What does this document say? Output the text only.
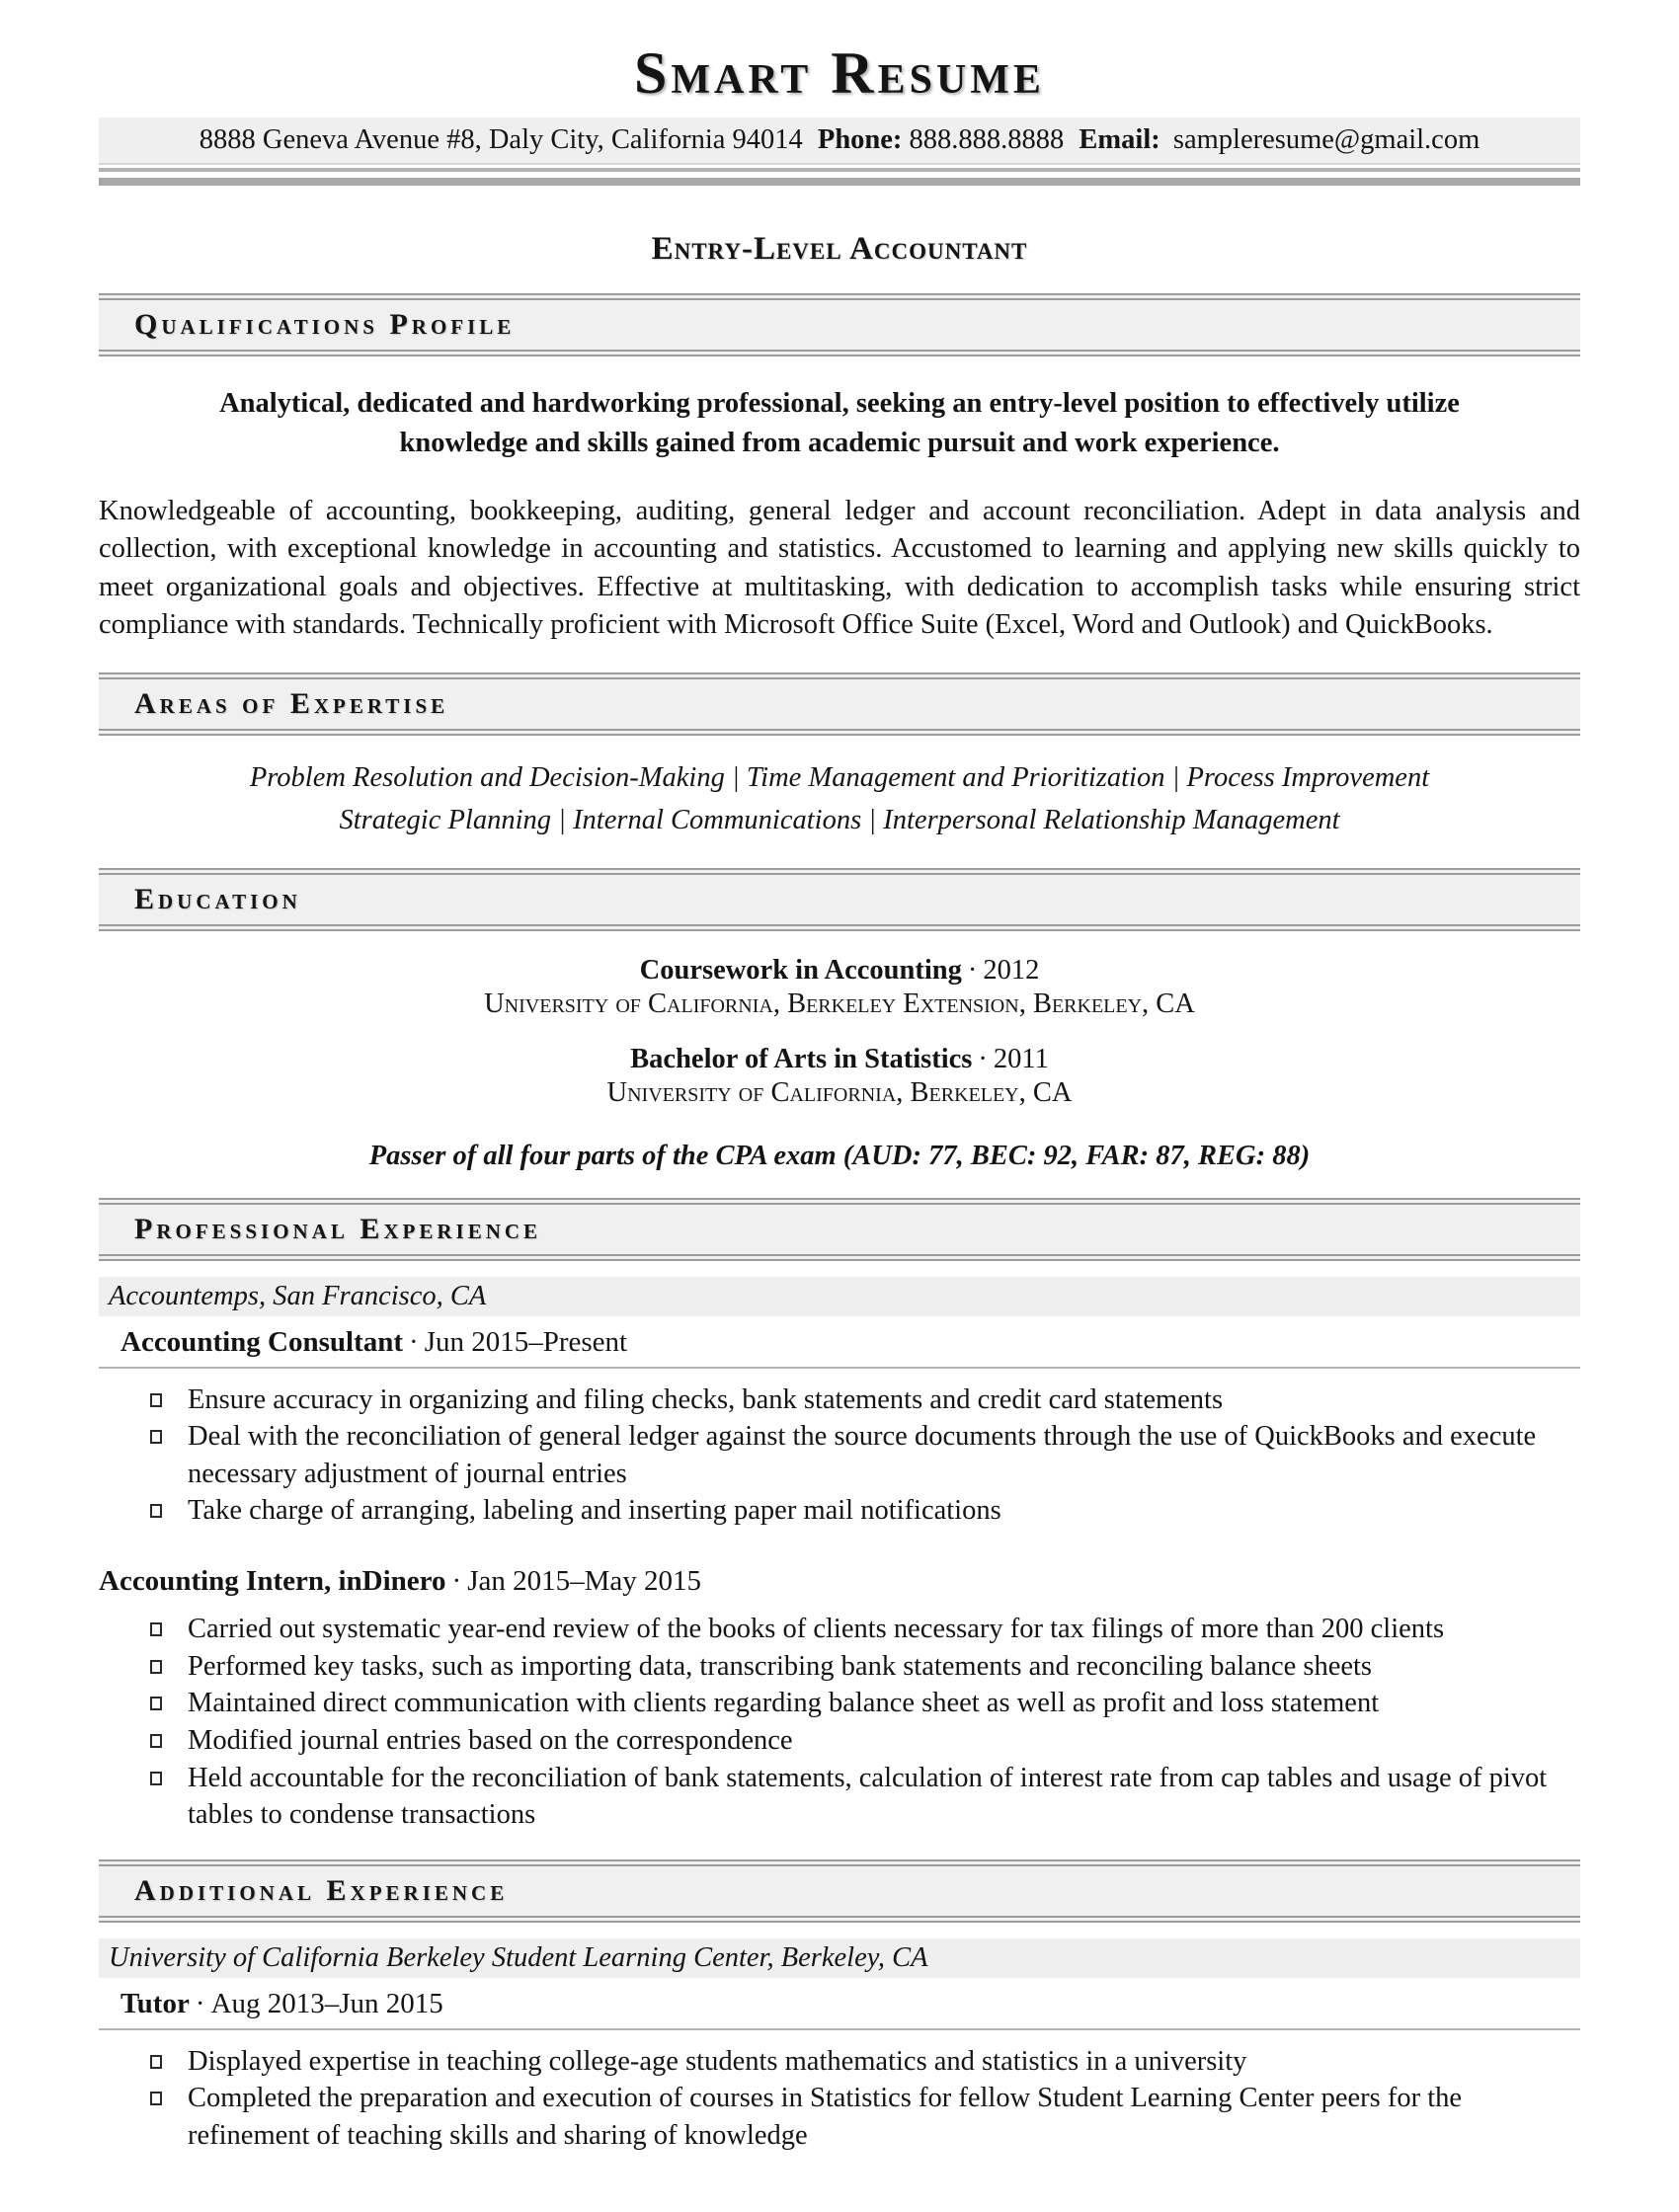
Smart Resume
8888 Geneva Avenue #8, Daly City, California 94014 Phone: 888.888.8888 Email: sampleresume@gmail.com
Entry-Level Accountant
Qualifications Profile

Analytical, dedicated and hardworking professional, seeking an entry-level position to effectively utilize knowledge and skills gained from academic pursuit and work experience.

Knowledgeable of accounting, bookkeeping, auditing, general ledger and account reconciliation. Adept in data analysis and collection, with exceptional knowledge in accounting and statistics. Accustomed to learning and applying new skills quickly to meet organizational goals and objectives. Effective at multitasking, with dedication to accomplish tasks while ensuring strict compliance with standards. Technically proficient with Microsoft Office Suite (Excel, Word and Outlook) and QuickBooks.

Areas of Expertise
Problem Resolution and Decision-Making | Time Management and Prioritization | Process Improvement
Strategic Planning | Internal Communications | Interpersonal Relationship Management
Education
Coursework in Accounting · 2012
University of California, Berkeley Extension, Berkeley, CA
Bachelor of Arts in Statistics · 2011
University of California, Berkeley, CA
Passer of all four parts of the CPA exam (AUD: 77, BEC: 92, FAR: 87, REG: 88)
Professional Experience
Accountemps, San Francisco, CA
Accounting Consultant · Jun 2015–Present
Ensure accuracy in organizing and filing checks, bank statements and credit card statements
Deal with the reconciliation of general ledger against the source documents through the use of QuickBooks and execute necessary adjustment of journal entries
Take charge of arranging, labeling and inserting paper mail notifications
Accounting Intern, inDinero · Jan 2015–May 2015
Carried out systematic year-end review of the books of clients necessary for tax filings of more than 200 clients
Performed key tasks, such as importing data, transcribing bank statements and reconciling balance sheets
Maintained direct communication with clients regarding balance sheet as well as profit and loss statement
Modified journal entries based on the correspondence
Held accountable for the reconciliation of bank statements, calculation of interest rate from cap tables and usage of pivot tables to condense transactions
Additional Experience
University of California Berkeley Student Learning Center, Berkeley, CA
Tutor · Aug 2013–Jun 2015
Displayed expertise in teaching college-age students mathematics and statistics in a university
Completed the preparation and execution of courses in Statistics for fellow Student Learning Center peers for the refinement of teaching skills and sharing of knowledge
